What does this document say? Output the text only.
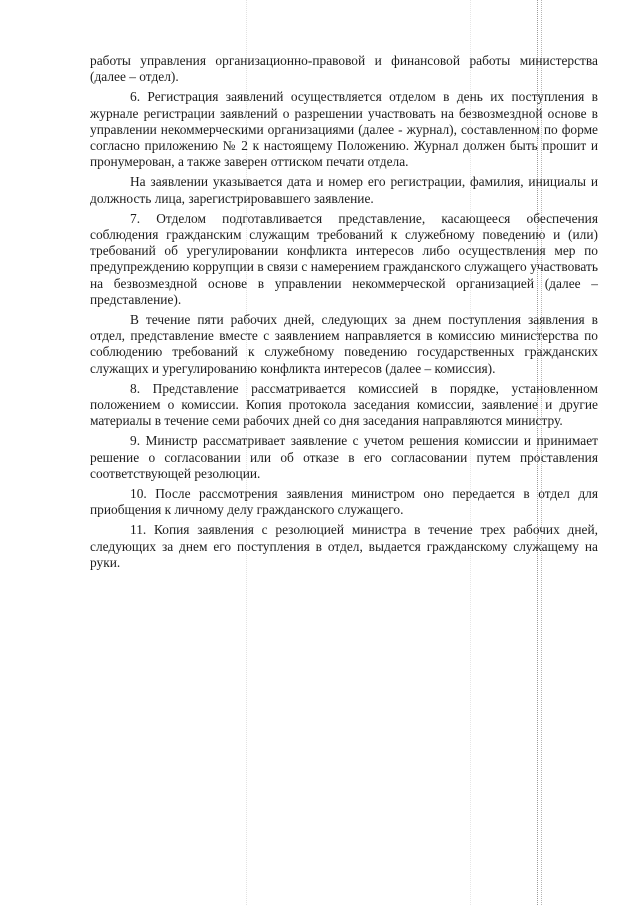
работы управления организационно-правовой и финансовой работы министерства (далее – отдел).

6. Регистрация заявлений осуществляется отделом в день их поступления в журнале регистрации заявлений о разрешении участвовать на безвозмездной основе в управлении некоммерческими организациями (далее - журнал), составленном по форме согласно приложению № 2 к настоящему Положению. Журнал должен быть прошит и пронумерован, а также заверен оттиском печати отдела.

На заявлении указывается дата и номер его регистрации, фамилия, инициалы и должность лица, зарегистрировавшего заявление.

7. Отделом подготавливается представление, касающееся обеспечения соблюдения гражданским служащим требований к служебному поведению и (или) требований об урегулировании конфликта интересов либо осуществления мер по предупреждению коррупции в связи с намерением гражданского служащего участвовать на безвозмездной основе в управлении некоммерческой организацией (далее – представление).

В течение пяти рабочих дней, следующих за днем поступления заявления в отдел, представление вместе с заявлением направляется в комиссию министерства по соблюдению требований к служебному поведению государственных гражданских служащих и урегулированию конфликта интересов (далее – комиссия).

8. Представление рассматривается комиссией в порядке, установленном положением о комиссии. Копия протокола заседания комиссии, заявление и другие материалы в течение семи рабочих дней со дня заседания направляются министру.

9. Министр рассматривает заявление с учетом решения комиссии и принимает решение о согласовании или об отказе в его согласовании путем проставления соответствующей резолюции.

10. После рассмотрения заявления министром оно передается в отдел для приобщения к личному делу гражданского служащего.

11. Копия заявления с резолюцией министра в течение трех рабочих дней, следующих за днем его поступления в отдел, выдается гражданскому служащему на руки.
